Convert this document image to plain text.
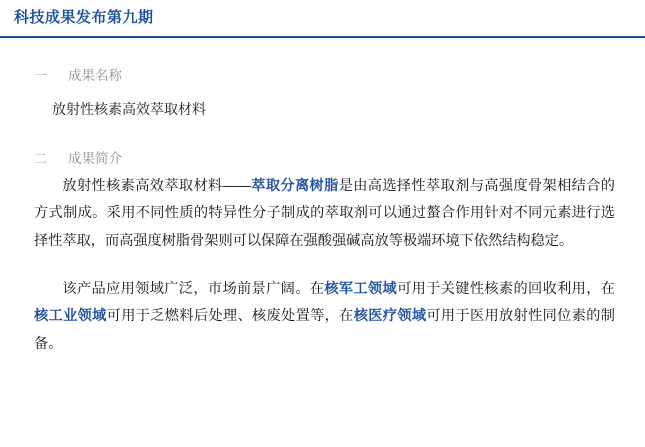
科技成果发布第九期
一	成果名称
放射性核素高效萃取材料
二	成果简介

放射性核素高效萃取材料——萃取分离树脂是由高选择性萃取剂与高强度骨架相结合的方式制成。采用不同性质的特异性分子制成的萃取剂可以通过螯合作用针对不同元素进行选择性萃取，而高强度树脂骨架则可以保障在强酸强碱高放等极端环境下依然结构稳定。

该产品应用领域广泛，市场前景广阔。在核军工领域可用于关键性核素的回收利用，在核工业领域可用于乏燃料后处理、核废处置等，在核医疗领域可用于医用放射性同位素的制备。
